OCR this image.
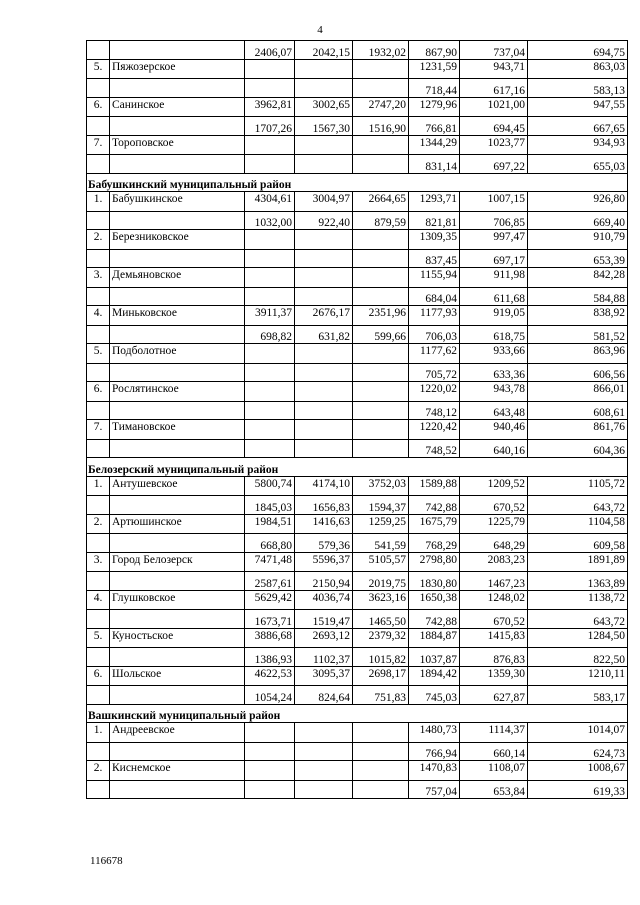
4
		2406,07	2042,15	1932,02	867,90	737,04	694,75
5.	Пяжозерское				1231,59	943,71	863,03
					718,44	617,16	583,13
6.	Санинское	3962,81	3002,65	2747,20	1279,96	1021,00	947,55
		1707,26	1567,30	1516,90	766,81	694,45	667,65
7.	Тороповское				1344,29	1023,77	934,93
					831,14	697,22	655,03
Бабушкинский муниципальный район							
1.	Бабушкинское	4304,61	3004,97	2664,65	1293,71	1007,15	926,80
		1032,00	922,40	879,59	821,81	706,85	669,40
2.	Березниковское				1309,35	997,47	910,79
					837,45	697,17	653,39
3.	Демьяновское				1155,94	911,98	842,28
					684,04	611,68	584,88
4.	Миньковское	3911,37	2676,17	2351,96	1177,93	919,05	838,92
		698,82	631,82	599,66	706,03	618,75	581,52
5.	Подболотное				1177,62	933,66	863,96
					705,72	633,36	606,56
6.	Рослятинское				1220,02	943,78	866,01
					748,12	643,48	608,61
7.	Тимановское				1220,42	940,46	861,76
					748,52	640,16	604,36
Белозерский муниципальный район							
1.	Антушевское	5800,74	4174,10	3752,03	1589,88	1209,52	1105,72
		1845,03	1656,83	1594,37	742,88	670,52	643,72
2.	Артюшинское	1984,51	1416,63	1259,25	1675,79	1225,79	1104,58
		668,80	579,36	541,59	768,29	648,29	609,58
3.	Город Белозерск	7471,48	5596,37	5105,57	2798,80	2083,23	1891,89
		2587,61	2150,94	2019,75	1830,80	1467,23	1363,89
4.	Глушковское	5629,42	4036,74	3623,16	1650,38	1248,02	1138,72
		1673,71	1519,47	1465,50	742,88	670,52	643,72
5.	Куностьское	3886,68	2693,12	2379,32	1884,87	1415,83	1284,50
		1386,93	1102,37	1015,82	1037,87	876,83	822,50
6.	Шольское	4622,53	3095,37	2698,17	1894,42	1359,30	1210,11
		1054,24	824,64	751,83	745,03	627,87	583,17
Вашкинский муниципальный район							
1.	Андреевское				1480,73	1114,37	1014,07
					766,94	660,14	624,73
2.	Киснемское				1470,83	1108,07	1008,67
					757,04	653,84	619,33
116678
